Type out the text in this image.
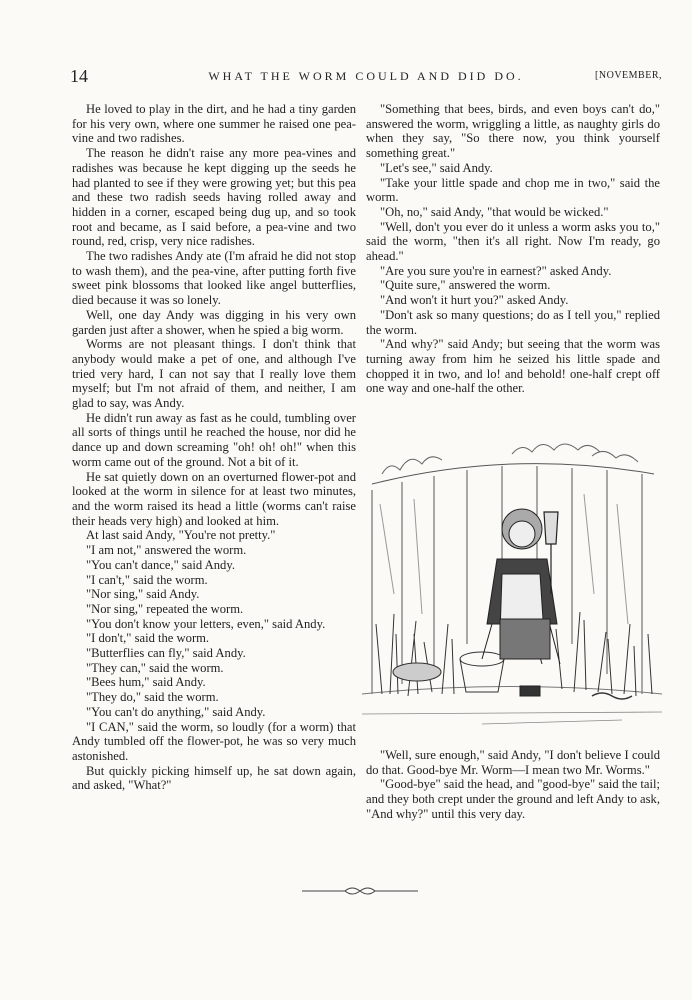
14	WHAT THE WORM COULD AND DID DO.	[NOVEMBER,

He loved to play in the dirt, and he had a tiny garden for his very own, where one summer he raised one pea-vine and two radishes.

The reason he didn't raise any more pea-vines and radishes was because he kept digging up the seeds he had planted to see if they were growing yet; but this pea and these two radish seeds having rolled away and hidden in a corner, escaped being dug up, and so took root and became, as I said before, a pea-vine and two round, red, crisp, very nice radishes.

The two radishes Andy ate (I'm afraid he did not stop to wash them), and the pea-vine, after putting forth five sweet pink blossoms that looked like angel butterflies, died because it was so lonely.

Well, one day Andy was digging in his very own garden just after a shower, when he spied a big worm.

Worms are not pleasant things. I don't think that anybody would make a pet of one, and although I've tried very hard, I can not say that I really love them myself; but I'm not afraid of them, and neither, I am glad to say, was Andy.

He didn't run away as fast as he could, tumbling over all sorts of things until he reached the house, nor did he dance up and down screaming "oh! oh! oh!" when this worm came out of the ground. Not a bit of it.

He sat quietly down on an overturned flower-pot and looked at the worm in silence for at least two minutes, and the worm raised its head a little (worms can't raise their heads very high) and looked at him.

At last said Andy, "You're not pretty."

"I am not," answered the worm.

"You can't dance," said Andy.

"I can't," said the worm.

"Nor sing," said Andy.

"Nor sing," repeated the worm.

"You don't know your letters, even," said Andy.

"I don't," said the worm.

"Butterflies can fly," said Andy.

"They can," said the worm.

"Bees hum," said Andy.

"They do," said the worm.

"You can't do anything," said Andy.

"I CAN," said the worm, so loudly (for a worm) that Andy tumbled off the flower-pot, he was so very much astonished.

But quickly picking himself up, he sat down again, and asked, "What?"

"Something that bees, birds, and even boys can't do," answered the worm, wriggling a little, as naughty girls do when they say, "So there now, you think yourself something great."

"Let's see," said Andy.

"Take your little spade and chop me in two," said the worm.

"Oh, no," said Andy, "that would be wicked."

"Well, don't you ever do it unless a worm asks you to," said the worm, "then it's all right. Now I'm ready, go ahead."

"Are you sure you're in earnest?" asked Andy.

"Quite sure," answered the worm.

"And won't it hurt you?" asked Andy.

"Don't ask so many questions; do as I tell you," replied the worm.

"And why?" said Andy; but seeing that the worm was turning away from him he seized his little spade and chopped it in two, and lo! and behold! one-half crept off one way and one-half the other.

"Well, sure enough," said Andy, "I don't believe I could do that. Good-bye Mr. Worm—I mean two Mr. Worms."

"Good-bye" said the head, and "good-bye" said the tail; and they both crept under the ground and left Andy to ask, "And why?" until this very day.
